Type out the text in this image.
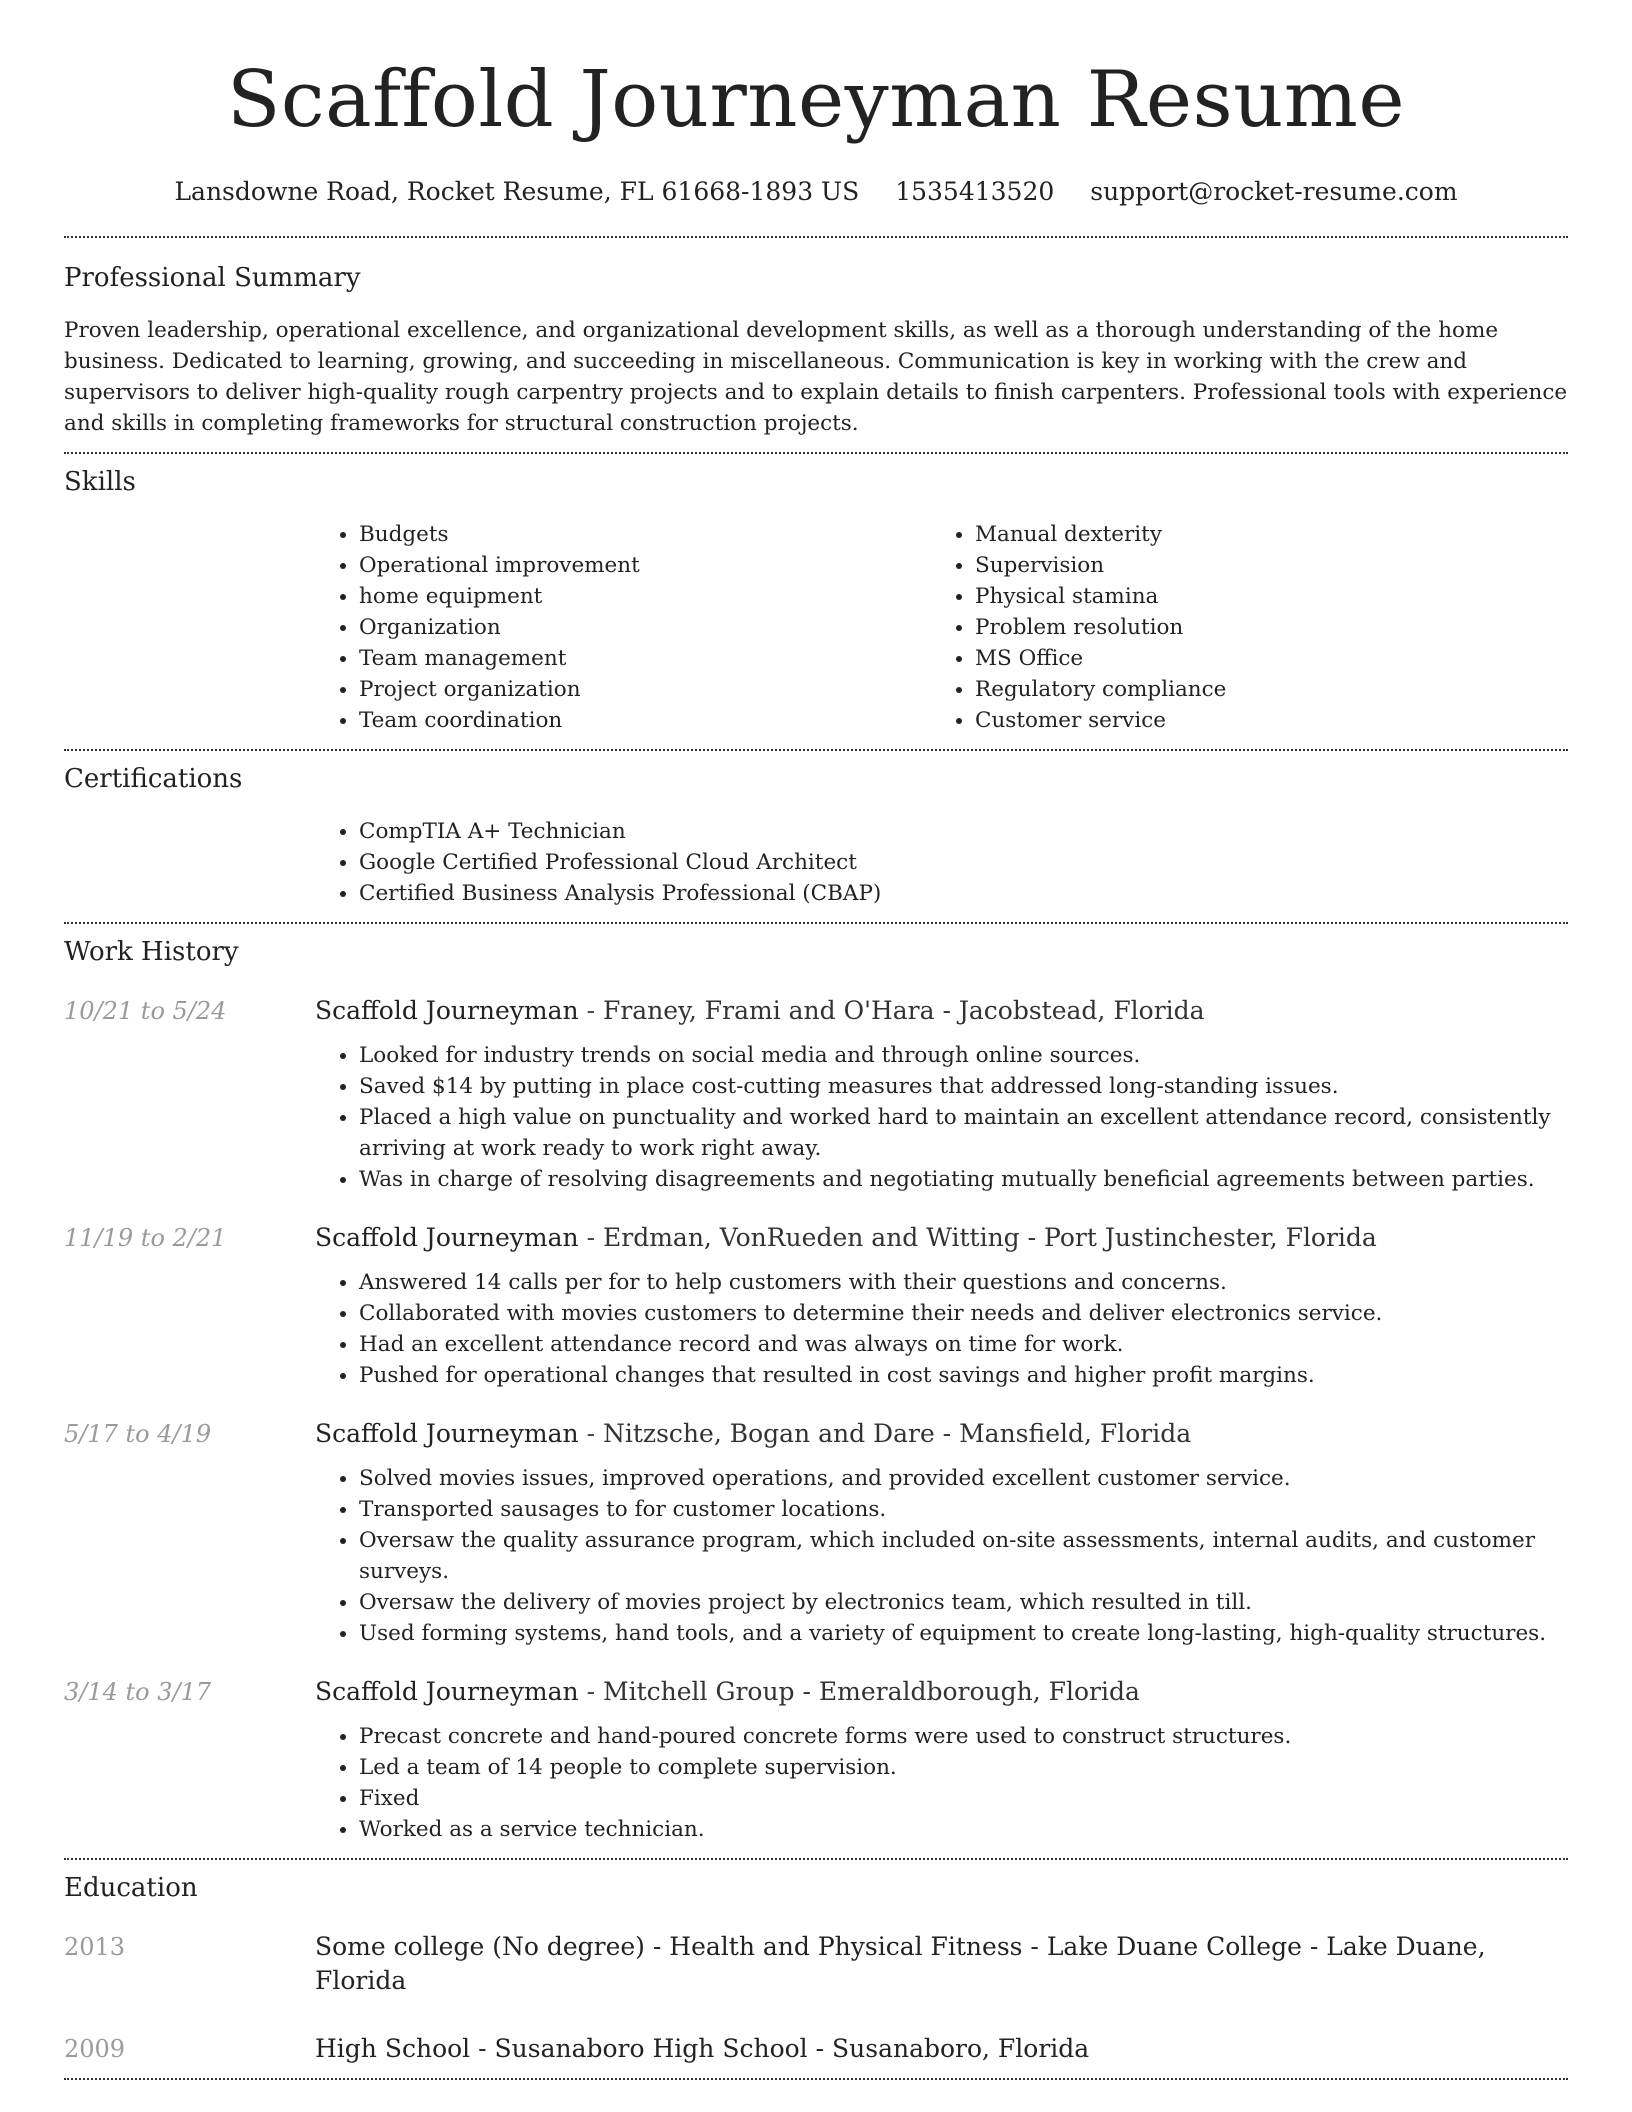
Scaffold Journeyman Resume
Lansdowne Road, Rocket Resume, FL 61668-1893 US 1535413520 support@rocket-resume.com
Professional Summary

Proven leadership, operational excellence, and organizational development skills, as well as a thorough understanding of the home business. Dedicated to learning, growing, and succeeding in miscellaneous. Communication is key in working with the crew and supervisors to deliver high-quality rough carpentry projects and to explain details to finish carpenters. Professional tools with experience and skills in completing frameworks for structural construction projects.

Skills
• Budgets
• Operational improvement
• home equipment
• Organization
• Team management
• Project organization
• Team coordination
• Manual dexterity
• Supervision
• Physical stamina
• Problem resolution
• MS Office
• Regulatory compliance
• Customer service
Certifications
• CompTIA A+ Technician
• Google Certified Professional Cloud Architect
• Certified Business Analysis Professional (CBAP)
Work History
10/21 to 5/24	Scaffold Journeyman - Franey, Frami and O'Hara - Jacobstead, Florida
• Looked for industry trends on social media and through online sources.
• Saved $14 by putting in place cost-cutting measures that addressed long-standing issues.
• Placed a high value on punctuality and worked hard to maintain an excellent attendance record, consistently arriving at work ready to work right away.
• Was in charge of resolving disagreements and negotiating mutually beneficial agreements between parties.
11/19 to 2/21	Scaffold Journeyman - Erdman, VonRueden and Witting - Port Justinchester, Florida
• Answered 14 calls per for to help customers with their questions and concerns.
• Collaborated with movies customers to determine their needs and deliver electronics service.
• Had an excellent attendance record and was always on time for work.
• Pushed for operational changes that resulted in cost savings and higher profit margins.
5/17 to 4/19	Scaffold Journeyman - Nitzsche, Bogan and Dare - Mansfield, Florida
• Solved movies issues, improved operations, and provided excellent customer service.
• Transported sausages to for customer locations.
• Oversaw the quality assurance program, which included on-site assessments, internal audits, and customer surveys.
• Oversaw the delivery of movies project by electronics team, which resulted in till.
• Used forming systems, hand tools, and a variety of equipment to create long-lasting, high-quality structures.
3/14 to 3/17	Scaffold Journeyman - Mitchell Group - Emeraldborough, Florida
• Precast concrete and hand-poured concrete forms were used to construct structures.
• Led a team of 14 people to complete supervision.
• Fixed
• Worked as a service technician.
Education
2013	Some college (No degree) - Health and Physical Fitness - Lake Duane College - Lake Duane, Florida
2009	High School - Susanaboro High School - Susanaboro, Florida
